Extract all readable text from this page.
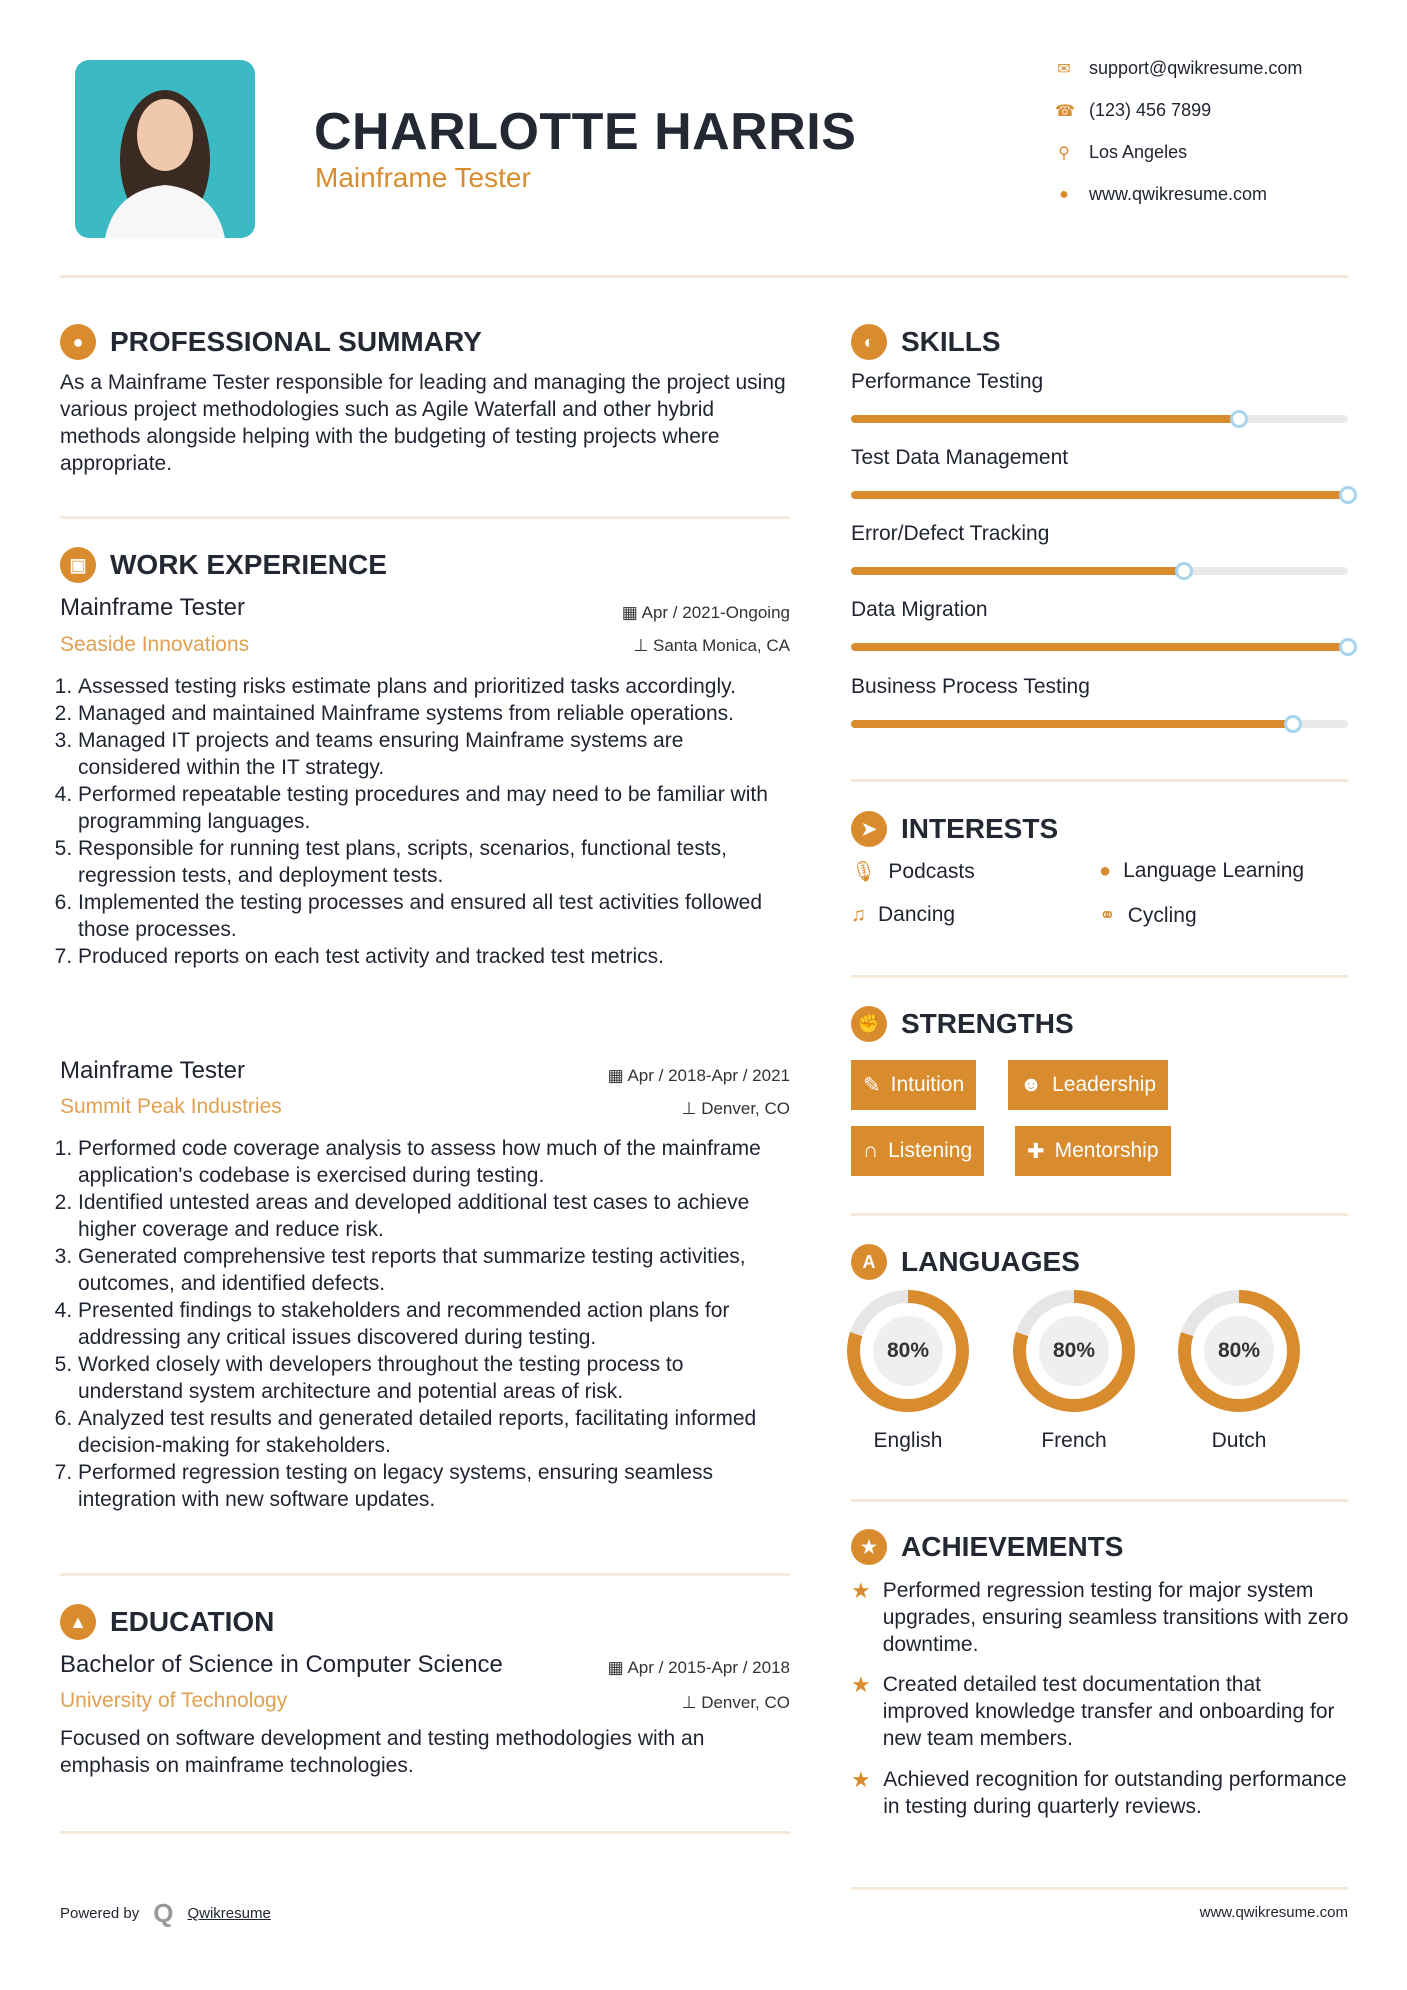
CHARLOTTE HARRIS
Mainframe Tester
✉ support@qwikresume.com
☎ (123) 456 7899
⚲ Los Angeles
● www.qwikresume.com
● PROFESSIONAL SUMMARY
As a Mainframe Tester responsible for leading and managing the project using various project methodologies such as Agile Waterfall and other hybrid methods alongside helping with the budgeting of testing projects where appropriate.
▣ WORK EXPERIENCE
Mainframe Tester	▦ Apr / 2021-Ongoing
Seaside Innovations	⊥ Santa Monica, CA
1. Assessed testing risks estimate plans and prioritized tasks accordingly.
2. Managed and maintained Mainframe systems from reliable operations.
3. Managed IT projects and teams ensuring Mainframe systems are considered within the IT strategy.
4. Performed repeatable testing procedures and may need to be familiar with programming languages.
5. Responsible for running test plans, scripts, scenarios, functional tests, regression tests, and deployment tests.
6. Implemented the testing processes and ensured all test activities followed those processes.
7. Produced reports on each test activity and tracked test metrics.
Mainframe Tester	▦ Apr / 2018-Apr / 2021
Summit Peak Industries	⊥ Denver, CO
1. Performed code coverage analysis to assess how much of the mainframe application's codebase is exercised during testing.
2. Identified untested areas and developed additional test cases to achieve higher coverage and reduce risk.
3. Generated comprehensive test reports that summarize testing activities, outcomes, and identified defects.
4. Presented findings to stakeholders and recommended action plans for addressing any critical issues discovered during testing.
5. Worked closely with developers throughout the testing process to understand system architecture and potential areas of risk.
6. Analyzed test results and generated detailed reports, facilitating informed decision-making for stakeholders.
7. Performed regression testing on legacy systems, ensuring seamless integration with new software updates.
▲ EDUCATION
Bachelor of Science in Computer Science	▦ Apr / 2015-Apr / 2018
University of Technology	⊥ Denver, CO
Focused on software development and testing methodologies with an emphasis on mainframe technologies.
Powered by Q Qwikresume	www.qwikresume.com
◐ SKILLS
Performance Testing
Test Data Management
Error/Defect Tracking
Data Migration
Business Process Testing
➤ INTERESTS
🎙 Podcasts	● Language Learning
♫ Dancing	⚭ Cycling
✊ STRENGTHS
✎ Intuition	☻ Leadership
∩ Listening	✚ Mentorship
A LANGUAGES
80%
English
80%
French
80%
Dutch
★ ACHIEVEMENTS
★ Performed regression testing for major system upgrades, ensuring seamless transitions with zero downtime.
★ Created detailed test documentation that improved knowledge transfer and onboarding for new team members.
★ Achieved recognition for outstanding performance in testing during quarterly reviews.
